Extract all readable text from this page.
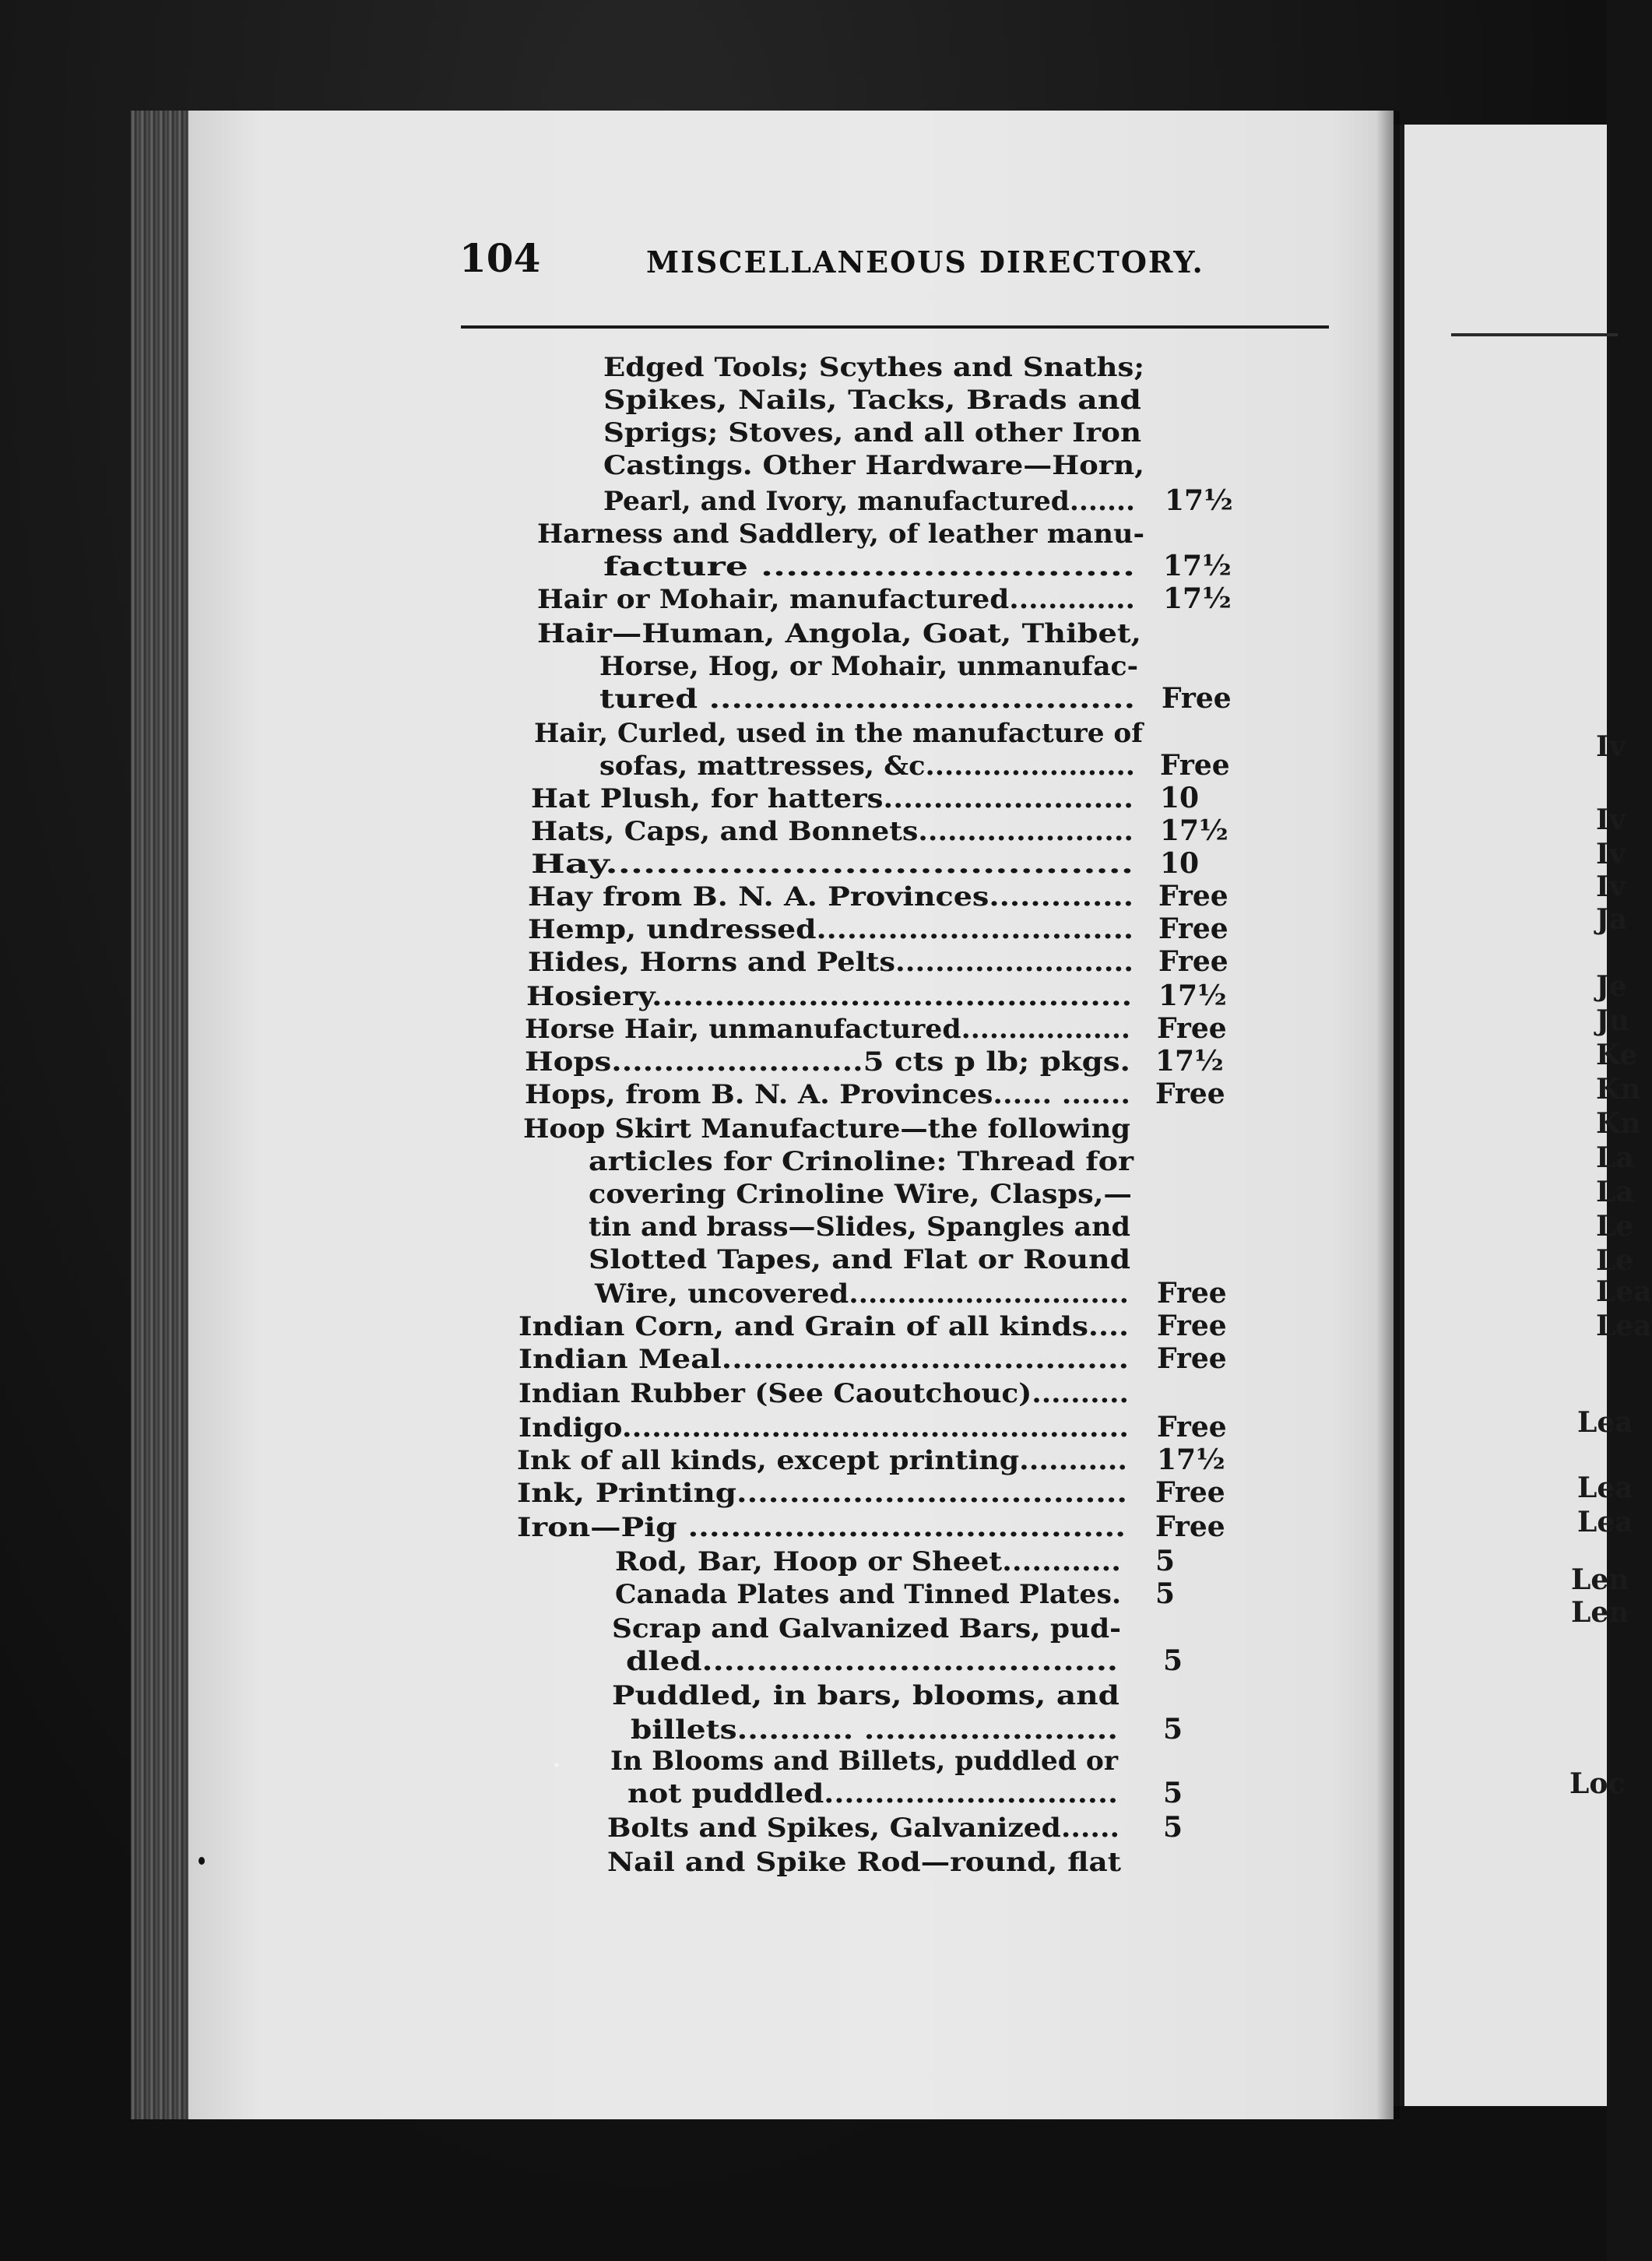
Iv
Iv
Iv
Iv
Ja
Je
Ju
Ke
Kn
Kn
La
La
Le
Le
Lea
Lea
Lea
Lea
Lea
Len
Len
Loc
104	MISCELLANEOUS DIRECTORY.
Edged Tools; Scythes and Snaths;
Spikes, Nails, Tacks, Brads and
Sprigs; Stoves, and all other Iron
Castings. Other Hardware—Horn,
Pearl, and Ivory, manufactured....... 17½
Harness and Saddlery, of leather manu-
facture .............................. 17½
Hair or Mohair, manufactured............. 17½
Hair—Human, Angola, Goat, Thibet,
Horse, Hog, or Mohair, unmanufac-
tured ...................................... Free
Hair, Curled, used in the manufacture of
sofas, mattresses, &c...................... Free
Hat Plush, for hatters......................... 10
Hats, Caps, and Bonnets...................... 17½
Hay.......................................... 10
Hay from B. N. A. Provinces.............. Free
Hemp, undressed............................... Free
Hides, Horns and Pelts........................ Free
Hosiery.............................................. 17½
Horse Hair, unmanufactured.................. Free
Hops........................5 cts p lb; pkgs. 17½
Hops, from B. N. A. Provinces...... ....... Free
Hoop Skirt Manufacture—the following
articles for Crinoline: Thread for
covering Crinoline Wire, Clasps,—
tin and brass—Slides, Spangles and
Slotted Tapes, and Flat or Round
Wire, uncovered............................. Free
Indian Corn, and Grain of all kinds.... Free
Indian Meal....................................... Free
Indian Rubber (See Caoutchouc)..........
Indigo................................................... Free
Ink of all kinds, except printing........... 17½
Ink, Printing..................................... Free
Iron—Pig ......................................... Free
Rod, Bar, Hoop or Sheet............ 5
Canada Plates and Tinned Plates. 5
Scrap and Galvanized Bars, pud-
dled...................................... 5
Puddled, in bars, blooms, and
billets........... ........................ 5
In Blooms and Billets, puddled or
not puddled............................. 5
Bolts and Spikes, Galvanized...... 5
Nail and Spike Rod—round, flat
